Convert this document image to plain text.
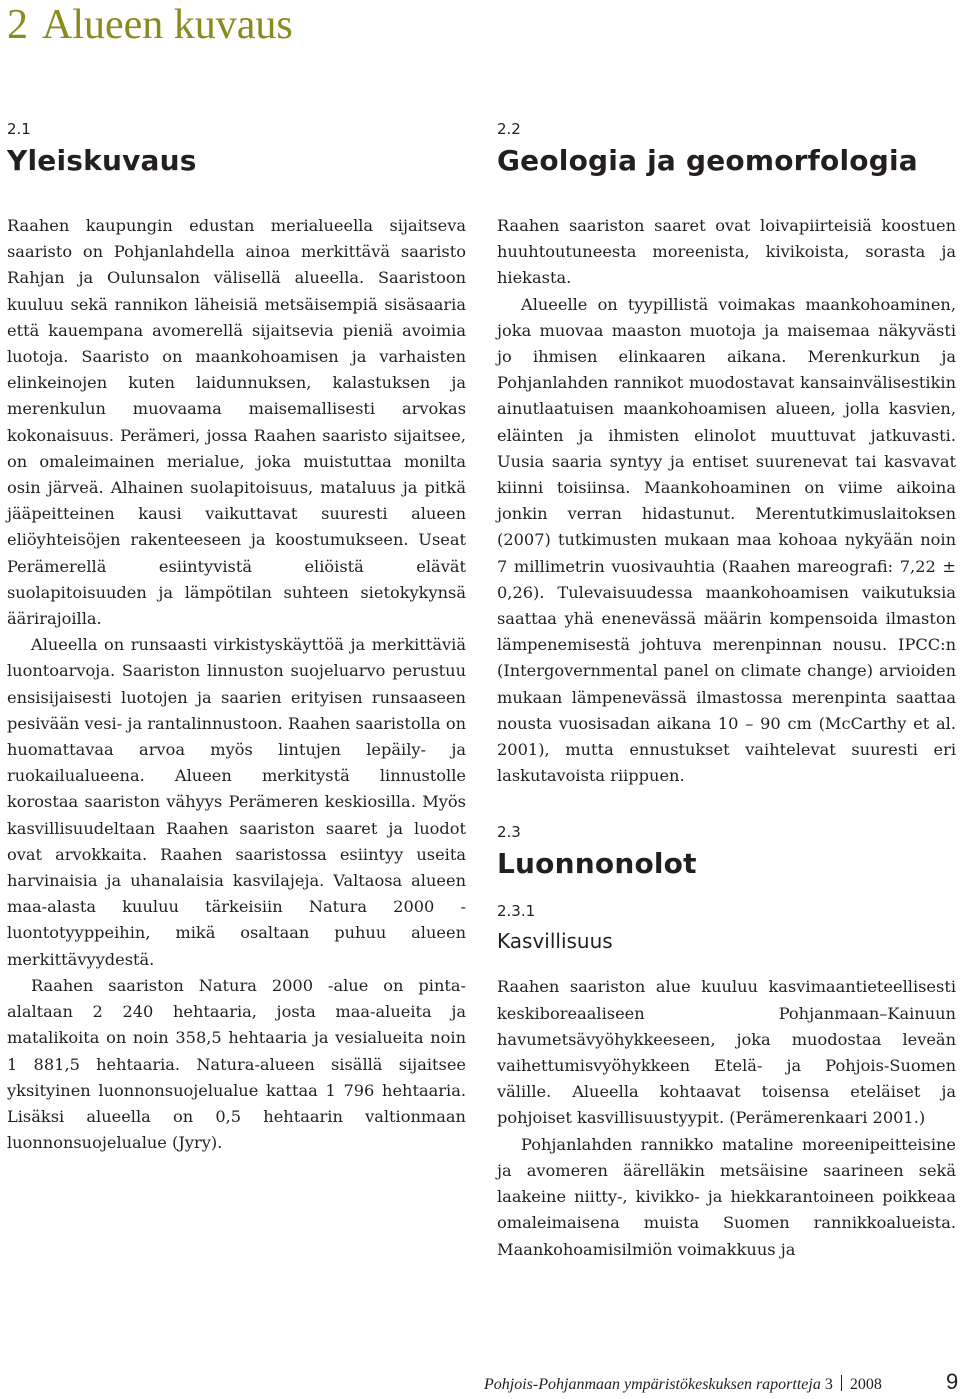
2 Alueen kuvaus

2.1

Yleiskuvaus

Raahen kaupungin edustan merialueella sijaitseva saaristo on Pohjanlahdella ainoa merkittävä saaristo Rahjan ja Oulunsalon välisellä alueella. Saaristoon kuuluu sekä rannikon läheisiä metsäisempiä sisäsaaria että kauempana avomerellä sijaitsevia pieniä avoimia luotoja. Saaristo on maankohoamisen ja varhaisten elinkeinojen kuten laidunnuksen, kalastuksen ja merenkulun muovaama maisemallisesti arvokas kokonaisuus. Perämeri, jossa Raahen saaristo sijaitsee, on omaleimainen merialue, joka muistuttaa monilta osin järveä. Alhainen suolapitoisuus, mataluus ja pitkä jääpeitteinen kausi vaikuttavat suuresti alueen eliöyhteisöjen rakenteeseen ja koostumukseen. Useat Perämerellä esiintyvistä eliöistä elävät suolapitoisuuden ja lämpötilan suhteen sietokykynsä äärirajoilla.

Alueella on runsaasti virkistyskäyttöä ja merkittäviä luontoarvoja. Saariston linnuston suojeluarvo perustuu ensisijaisesti luotojen ja saarien erityisen runsaaseen pesivään vesi- ja rantalinnustoon. Raahen saaristolla on huomattavaa arvoa myös lintujen lepäily- ja ruokailualueena. Alueen merkitystä linnustolle korostaa saariston vähyys Perämeren keskiosilla. Myös kasvillisuudeltaan Raahen saariston saaret ja luodot ovat arvokkaita. Raahen saaristossa esiintyy useita harvinaisia ja uhanalaisia kasvilajeja. Valtaosa alueen maa-alasta kuuluu tärkeisiin Natura 2000 -luontotyyppeihin, mikä osaltaan puhuu alueen merkittävyydestä.

Raahen saariston Natura 2000 -alue on pinta-alaltaan 2 240 hehtaaria, josta maa-alueita ja matalikoita on noin 358,5 hehtaaria ja vesialueita noin 1 881,5 hehtaaria. Natura-alueen sisällä sijaitsee yksityinen luonnonsuojelualue kattaa 1 796 hehtaaria. Lisäksi alueella on 0,5 hehtaarin valtionmaan luonnonsuojelualue (Jyry).

2.2

Geologia ja geomorfologia

Raahen saariston saaret ovat loivapiirteisiä koostuen huuhtoutuneesta moreenista, kivikoista, sorasta ja hiekasta.

Alueelle on tyypillistä voimakas maankohoaminen, joka muovaa maaston muotoja ja maisemaa näkyvästi jo ihmisen elinkaaren aikana. Merenkurkun ja Pohjanlahden rannikot muodostavat kansainvälisestikin ainutlaatuisen maankohoamisen alueen, jolla kasvien, eläinten ja ihmisten elinolot muuttuvat jatkuvasti. Uusia saaria syntyy ja entiset suurenevat tai kasvavat kiinni toisiinsa. Maankohoaminen on viime aikoina jonkin verran hidastunut. Merentutkimuslaitoksen (2007) tutkimusten mukaan maa kohoaa nykyään noin 7 millimetrin vuosivauhtia (Raahen mareografi: 7,22 ± 0,26). Tulevaisuudessa maankohoamisen vaikutuksia saattaa yhä enenevässä määrin kompensoida ilmaston lämpenemisestä johtuva merenpinnan nousu. IPCC:n (Intergovernmental panel on climate change) arvioiden mukaan lämpenevässä ilmastossa merenpinta saattaa nousta vuosisadan aikana 10 – 90 cm (McCarthy et al. 2001), mutta ennustukset vaihtelevat suuresti eri laskutavoista riippuen.

2.3

Luonnonolot

2.3.1

Kasvillisuus

Raahen saariston alue kuuluu kasvimaantieteellisesti keskiboreaaliseen Pohjanmaan–Kainuun havumetsävyöhykkeeseen, joka muodostaa leveän vaihettumisvyöhykkeen Etelä- ja Pohjois-Suomen välille. Alueella kohtaavat toisensa eteläiset ja pohjoiset kasvillisuustyypit. (Perämerenkaari 2001.)

Pohjanlahden rannikko mataline moreenipeitteisine ja avomeren äärelläkin metsäisine saarineen sekä laakeine niitty-, kivikko- ja hiekkarantoineen poikkeaa omaleimaisena muista Suomen rannikkoalueista. Maankohoamisilmiön voimakkuus ja

Pohjois-Pohjanmaan ympäristökeskuksen raportteja 3 2008	9
